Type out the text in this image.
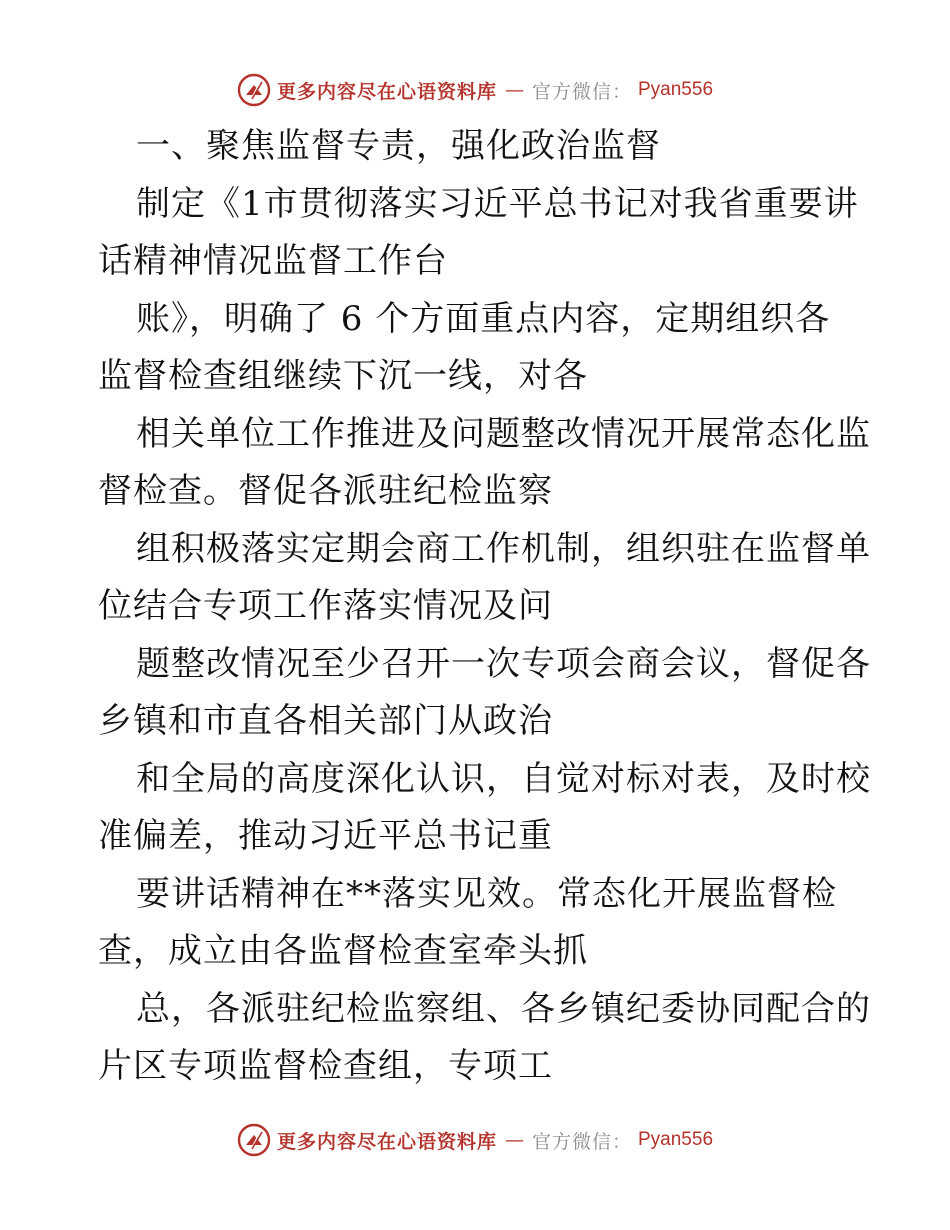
更多内容尽在心语资料库 — 官方微信： Pyan556
一、聚焦监督专责，强化政治监督
制定《1市贯彻落实习近平总书记对我省重要讲
话精神情况监督工作台
账》，明确了 6 个方面重点内容，定期组织各
监督检查组继续下沉一线，对各
相关单位工作推进及问题整改情况开展常态化监
督检查。督促各派驻纪检监察
组积极落实定期会商工作机制，组织驻在监督单
位结合专项工作落实情况及问
题整改情况至少召开一次专项会商会议，督促各
乡镇和市直各相关部门从政治
和全局的高度深化认识，自觉对标对表，及时校
准偏差，推动习近平总书记重
要讲话精神在**落实见效。常态化开展监督检
查，成立由各监督检查室牵头抓
总，各派驻纪检监察组、各乡镇纪委协同配合的
片区专项监督检查组，专项工
更多内容尽在心语资料库 — 官方微信： Pyan556
